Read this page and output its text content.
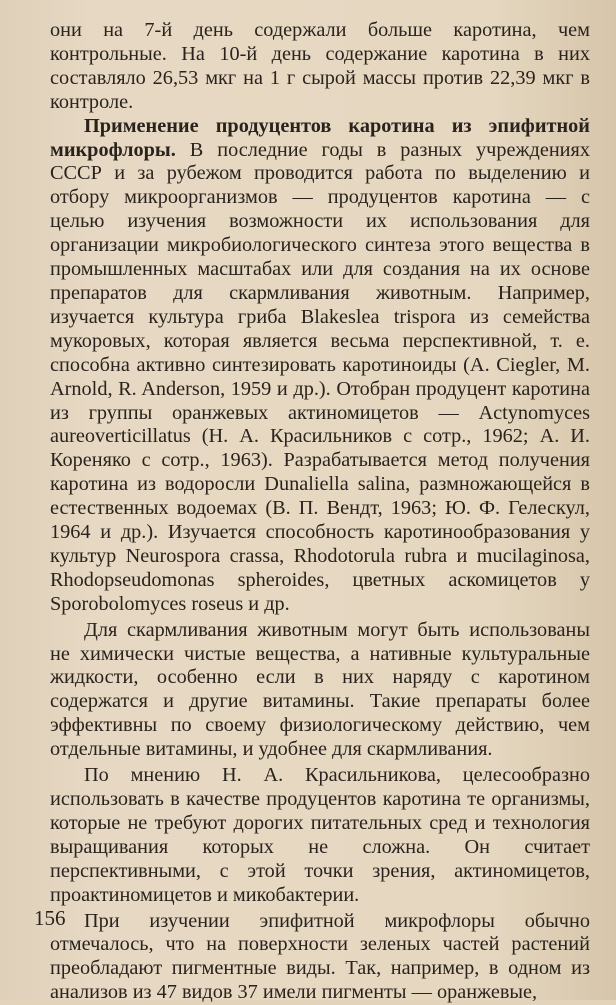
они на 7-й день содержали больше каротина, чем контрольные. На 10-й день содержание каротина в них составляло 26,53 мкг на 1 г сырой массы против 22,39 мкг в контроле.

Применение продуцентов каротина из эпифитной микрофлоры. В последние годы в разных учреждениях СССР и за рубежом проводится работа по выделению и отбору микроорганизмов — продуцентов каротина — с целью изучения возможности их использования для организации микробиологического синтеза этого вещества в промышленных масштабах или для создания на их основе препаратов для скармливания животным. Например, изучается культура гриба Blakeslea trispora из семейства мукоровых, которая является весьма перспективной, т. е. способна активно синтезировать каротиноиды (A. Ciegler, M. Arnold, R. Anderson, 1959 и др.). Отобран продуцент каротина из группы оранжевых актиномицетов — Actynomyces aureoverticillatus (Н. А. Красильников с сотр., 1962; А. И. Кореняко с сотр., 1963). Разрабатывается метод получения каротина из водоросли Dunaliella salina, размножающейся в естественных водоемах (В. П. Вендт, 1963; Ю. Ф. Гелескул, 1964 и др.). Изучается способность каротинообразования у культур Neurospora crassa, Rhodotorula rubra и mucilaginosa, Rhodopseudomonas spheroides, цветных аскомицетов у Sporobolomyces roseus и др.

Для скармливания животным могут быть использованы не химически чистые вещества, а нативные культуральные жидкости, особенно если в них наряду с каротином содержатся и другие витамины. Такие препараты более эффективны по своему физиологическому действию, чем отдельные витамины, и удобнее для скармливания.

По мнению Н. А. Красильникова, целесообразно использовать в качестве продуцентов каротина те организмы, которые не требуют дорогих питательных сред и технология выращивания которых не сложна. Он считает перспективными, с этой точки зрения, актиномицетов, проактиномицетов и микобактерии.

При изучении эпифитной микрофлоры обычно отмечалось, что на поверхности зеленых частей растений преобладают пигментные виды. Так, например, в одном из анализов из 47 видов 37 имели пигменты — оранжевые,

156
